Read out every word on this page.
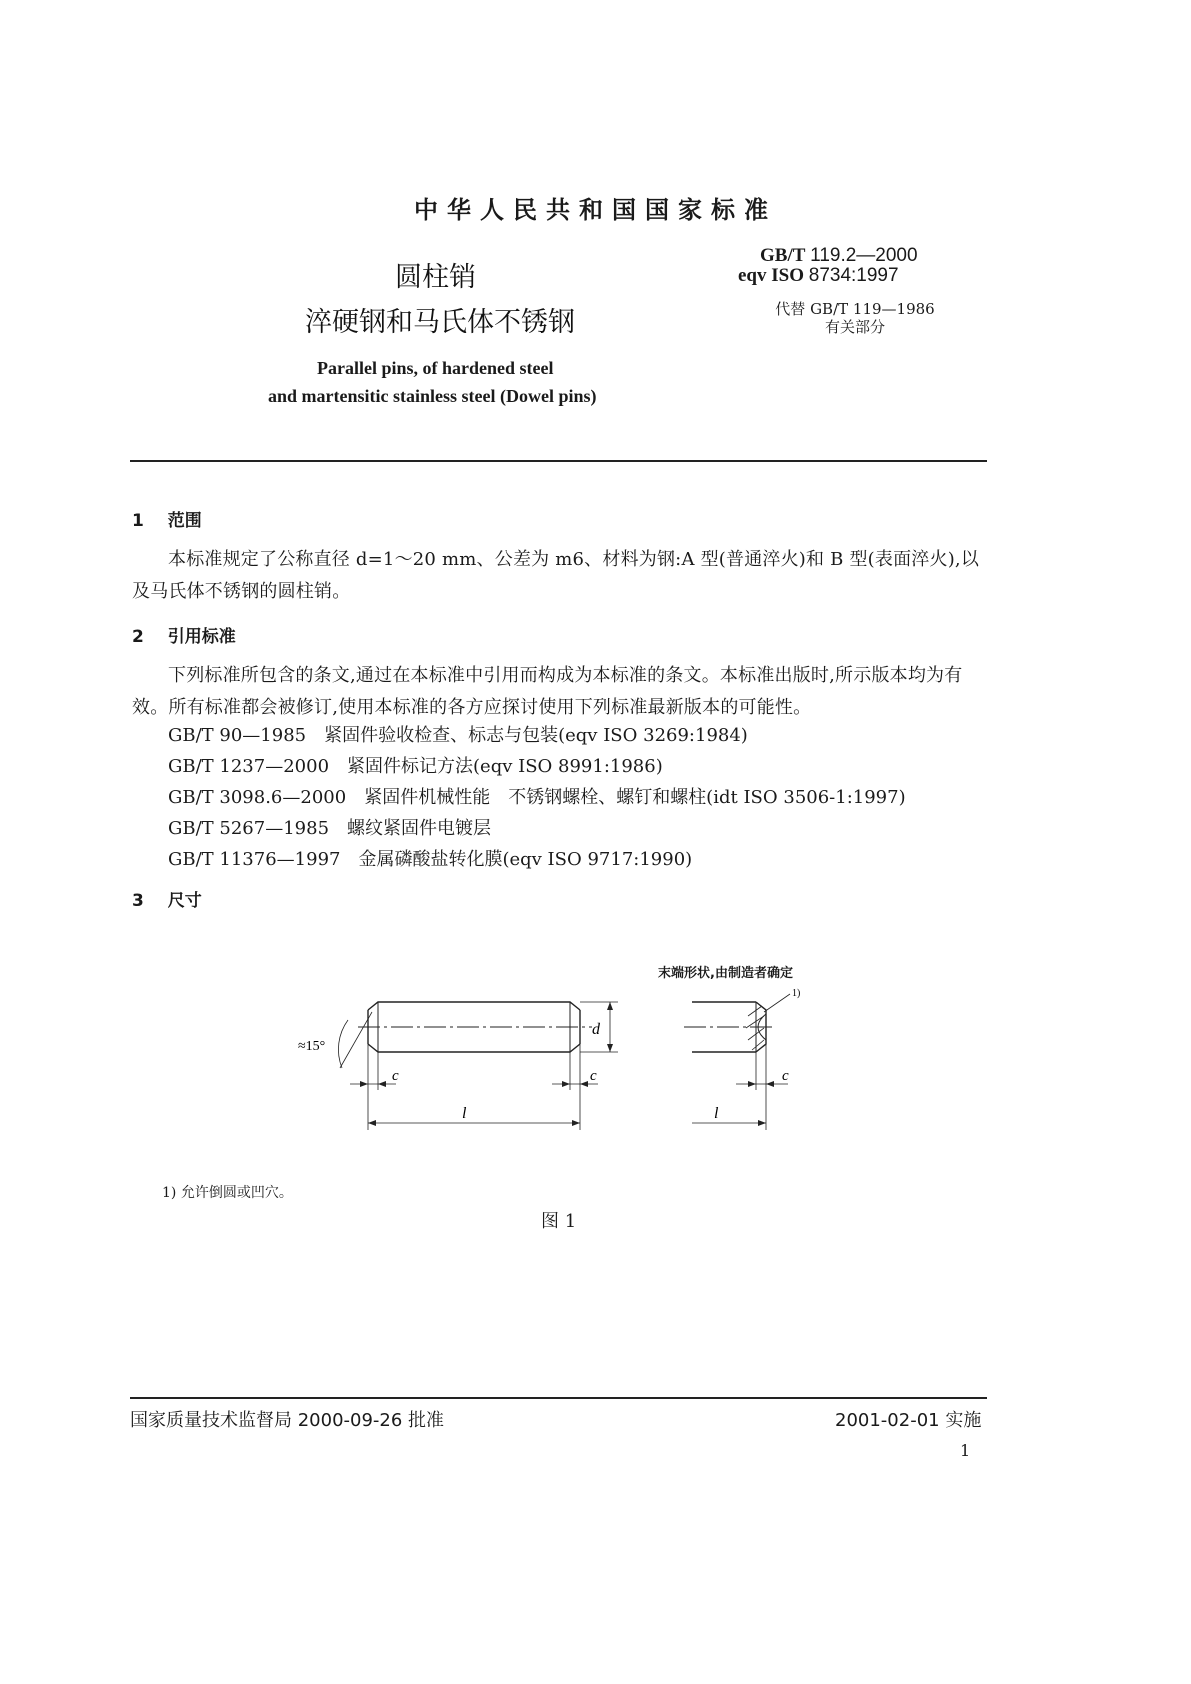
中华人民共和国国家标准
圆柱销
淬硬钢和马氏体不锈钢
GB/T 119.2—2000
eqv ISO 8734:1997
代替 GB/T 119—1986
有关部分
Parallel pins, of hardened steel
and martensitic stainless steel (Dowel pins)
1 范围
本标准规定了公称直径 d=1～20 mm、公差为 m6、材料为钢:A 型(普通淬火)和 B 型(表面淬火),以及马氏体不锈钢的圆柱销。
2 引用标准
下列标准所包含的条文,通过在本标准中引用而构成为本标准的条文。本标准出版时,所示版本均为有效。所有标准都会被修订,使用本标准的各方应探讨使用下列标准最新版本的可能性。
GB/T 90—1985　紧固件验收检查、标志与包装(eqv ISO 3269:1984)
GB/T 1237—2000　紧固件标记方法(eqv ISO 8991:1986)
GB/T 3098.6—2000　紧固件机械性能　不锈钢螺栓、螺钉和螺柱(idt ISO 3506-1:1997)
GB/T 5267—1985　螺纹紧固件电镀层
GB/T 11376—1997　金属磷酸盐转化膜(eqv ISO 9717:1990)
3 尺寸
末端形状,由制造者确定
≈15°
d
c	c
l
c
l
1)
1) 允许倒圆或凹穴。
图 1
国家质量技术监督局 2000-09-26 批准	2001-02-01 实施
1
